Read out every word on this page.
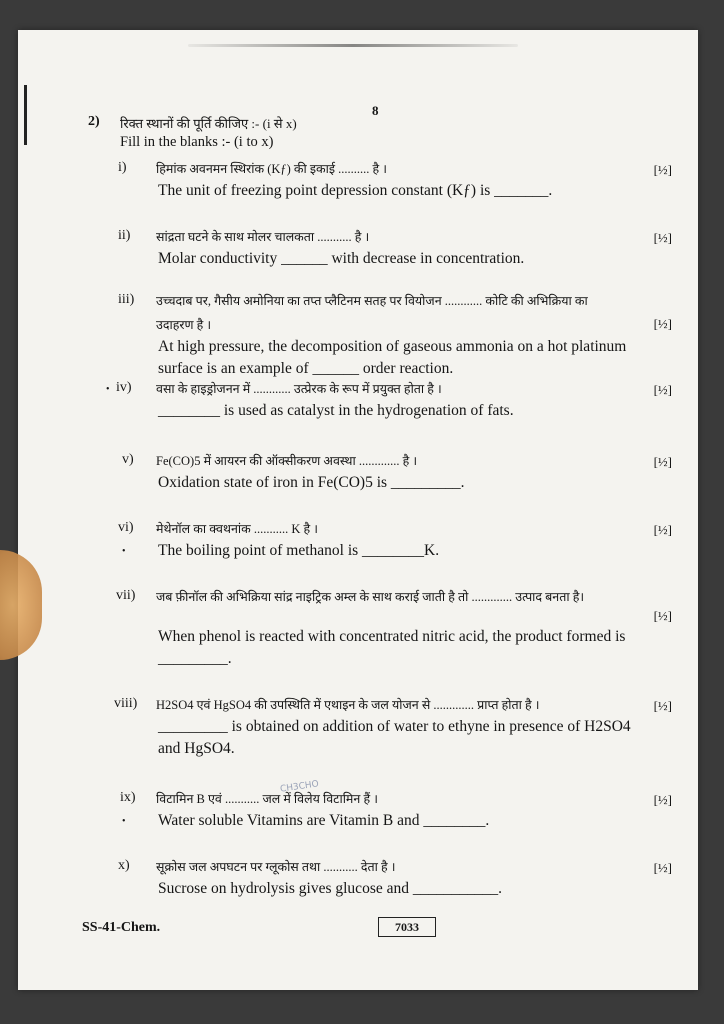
8
2) रिक्त स्थानों की पूर्ति कीजिए :- (i से x)
Fill in the blanks :- (i to x)
i) हिमांक अवनमन स्थिरांक (Kƒ) की इकाई .......... है ।	[½]
The unit of freezing point depression constant (Kƒ) is _______.
ii) सांद्रता घटने के साथ मोलर चालकता ........... है ।	[½]
Molar conductivity ______ with decrease in concentration.
iii) उच्चदाब पर, गैसीय अमोनिया का तप्त प्लैटिनम सतह पर वियोजन ............ कोटि की अभिक्रिया का
उदाहरण है ।	[½]
At high pressure, the decomposition of gaseous ammonia on a hot platinum
surface is an example of ______ order reaction.
• iv) वसा के हाइड्रोजनन में ............ उत्प्रेरक के रूप में प्रयुक्त होता है ।	[½]
________ is used as catalyst in the hydrogenation of fats.
v) Fe(CO)5 में आयरन की ऑक्सीकरण अवस्था ............. है ।	[½]
Oxidation state of iron in Fe(CO)5 is _________.
vi) मेथेनॉल का क्वथनांक ........... K है ।	[½]
• The boiling point of methanol is ________K.
vii) जब फ़ीनॉल की अभिक्रिया सांद्र नाइट्रिक अम्ल के साथ कराई जाती है तो ............. उत्पाद बनता है।
[½]
When phenol is reacted with concentrated nitric acid, the product formed is
_________.
viii) H2SO4 एवं HgSO4 की उपस्थिति में एथाइन के जल योजन से ............. प्राप्त होता है ।	[½]
_________ is obtained on addition of water to ethyne in presence of H2SO4
and HgSO4.
CH3CHO
ix) विटामिन B एवं ........... जल में विलेय विटामिन हैं ।	[½]
• Water soluble Vitamins are Vitamin B and ________.
x) सूक्रोस जल अपघटन पर ग्लूकोस तथा ........... देता है ।	[½]
Sucrose on hydrolysis gives glucose and ___________.
SS-41-Chem.	7033
